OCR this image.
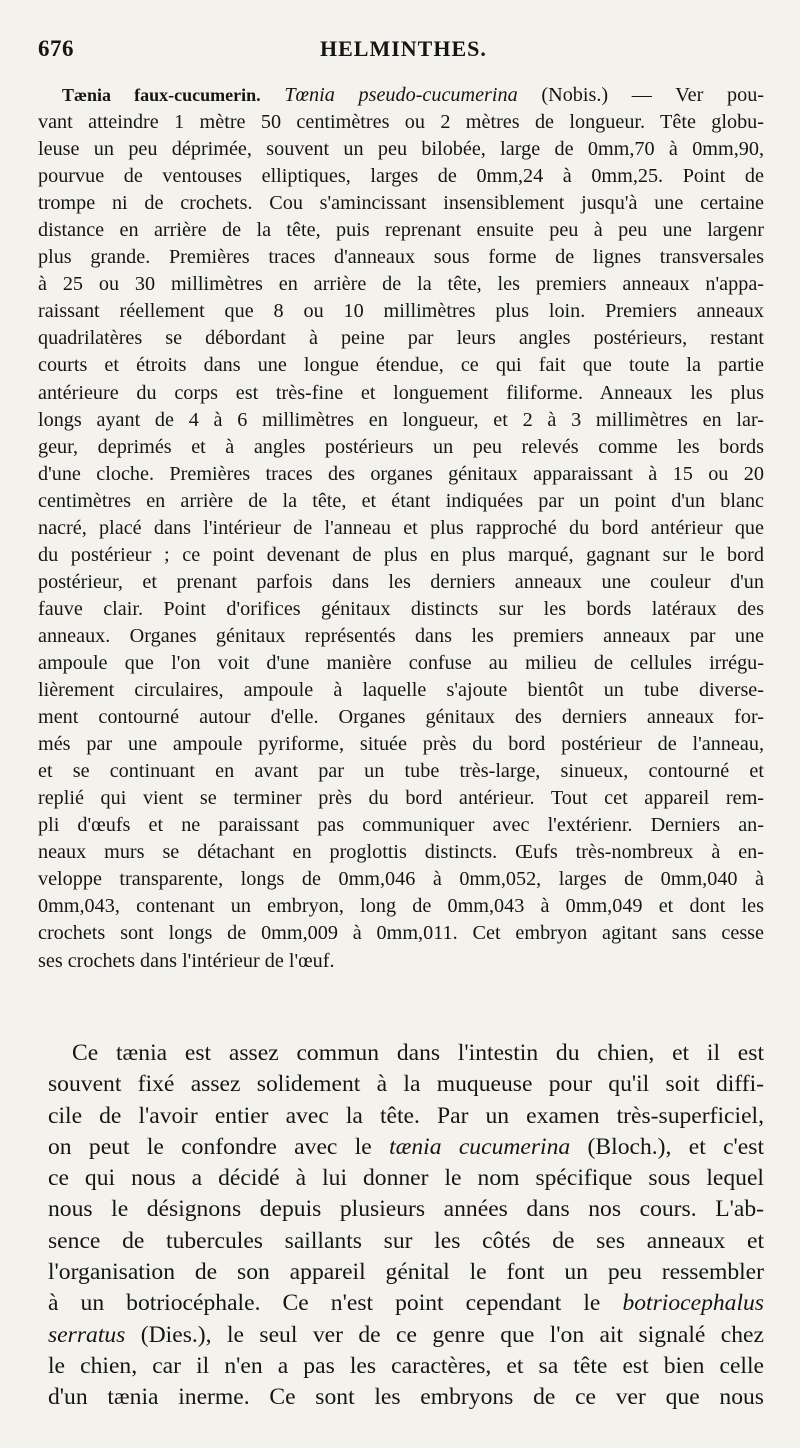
676	HELMINTHES.
Tænia faux-cucumerin. Tœnia pseudo-cucumerina (Nobis.) — Ver pou-
vant atteindre 1 mètre 50 centimètres ou 2 mètres de longueur. Tête globu-
leuse un peu déprimée, souvent un peu bilobée, large de 0mm,70 à 0mm,90,
pourvue de ventouses elliptiques, larges de 0mm,24 à 0mm,25. Point de
trompe ni de crochets. Cou s'amincissant insensiblement jusqu'à une certaine
distance en arrière de la tête, puis reprenant ensuite peu à peu une largenr
plus grande. Premières traces d'anneaux sous forme de lignes transversales
à 25 ou 30 millimètres en arrière de la tête, les premiers anneaux n'appa-
raissant réellement que 8 ou 10 millimètres plus loin. Premiers anneaux
quadrilatères se débordant à peine par leurs angles postérieurs, restant
courts et étroits dans une longue étendue, ce qui fait que toute la partie
antérieure du corps est très-fine et longuement filiforme. Anneaux les plus
longs ayant de 4 à 6 millimètres en longueur, et 2 à 3 millimètres en lar-
geur, deprimés et à angles postérieurs un peu relevés comme les bords
d'une cloche. Premières traces des organes génitaux apparaissant à 15 ou 20
centimètres en arrière de la tête, et étant indiquées par un point d'un blanc
nacré, placé dans l'intérieur de l'anneau et plus rapproché du bord antérieur que
du postérieur ; ce point devenant de plus en plus marqué, gagnant sur le bord
postérieur, et prenant parfois dans les derniers anneaux une couleur d'un
fauve clair. Point d'orifices génitaux distincts sur les bords latéraux des
anneaux. Organes génitaux représentés dans les premiers anneaux par une
ampoule que l'on voit d'une manière confuse au milieu de cellules irrégu-
lièrement circulaires, ampoule à laquelle s'ajoute bientôt un tube diverse-
ment contourné autour d'elle. Organes génitaux des derniers anneaux for-
més par une ampoule pyriforme, située près du bord postérieur de l'anneau,
et se continuant en avant par un tube très-large, sinueux, contourné et
replié qui vient se terminer près du bord antérieur. Tout cet appareil rem-
pli d'œufs et ne paraissant pas communiquer avec l'extérienr. Derniers an-
neaux murs se détachant en proglottis distincts. Œufs très-nombreux à en-
veloppe transparente, longs de 0mm,046 à 0mm,052, larges de 0mm,040 à
0mm,043, contenant un embryon, long de 0mm,043 à 0mm,049 et dont les
crochets sont longs de 0mm,009 à 0mm,011. Cet embryon agitant sans cesse
ses crochets dans l'intérieur de l'œuf.
Ce tænia est assez commun dans l'intestin du chien, et il est
souvent fixé assez solidement à la muqueuse pour qu'il soit diffi-
cile de l'avoir entier avec la tête. Par un examen très-superficiel,
on peut le confondre avec le tænia cucumerina (Bloch.), et c'est
ce qui nous a décidé à lui donner le nom spécifique sous lequel
nous le désignons depuis plusieurs années dans nos cours. L'ab-
sence de tubercules saillants sur les côtés de ses anneaux et
l'organisation de son appareil génital le font un peu ressembler
à un botriocéphale. Ce n'est point cependant le botriocephalus
serratus (Dies.), le seul ver de ce genre que l'on ait signalé chez
le chien, car il n'en a pas les caractères, et sa tête est bien celle
d'un tænia inerme. Ce sont les embryons de ce ver que nous
